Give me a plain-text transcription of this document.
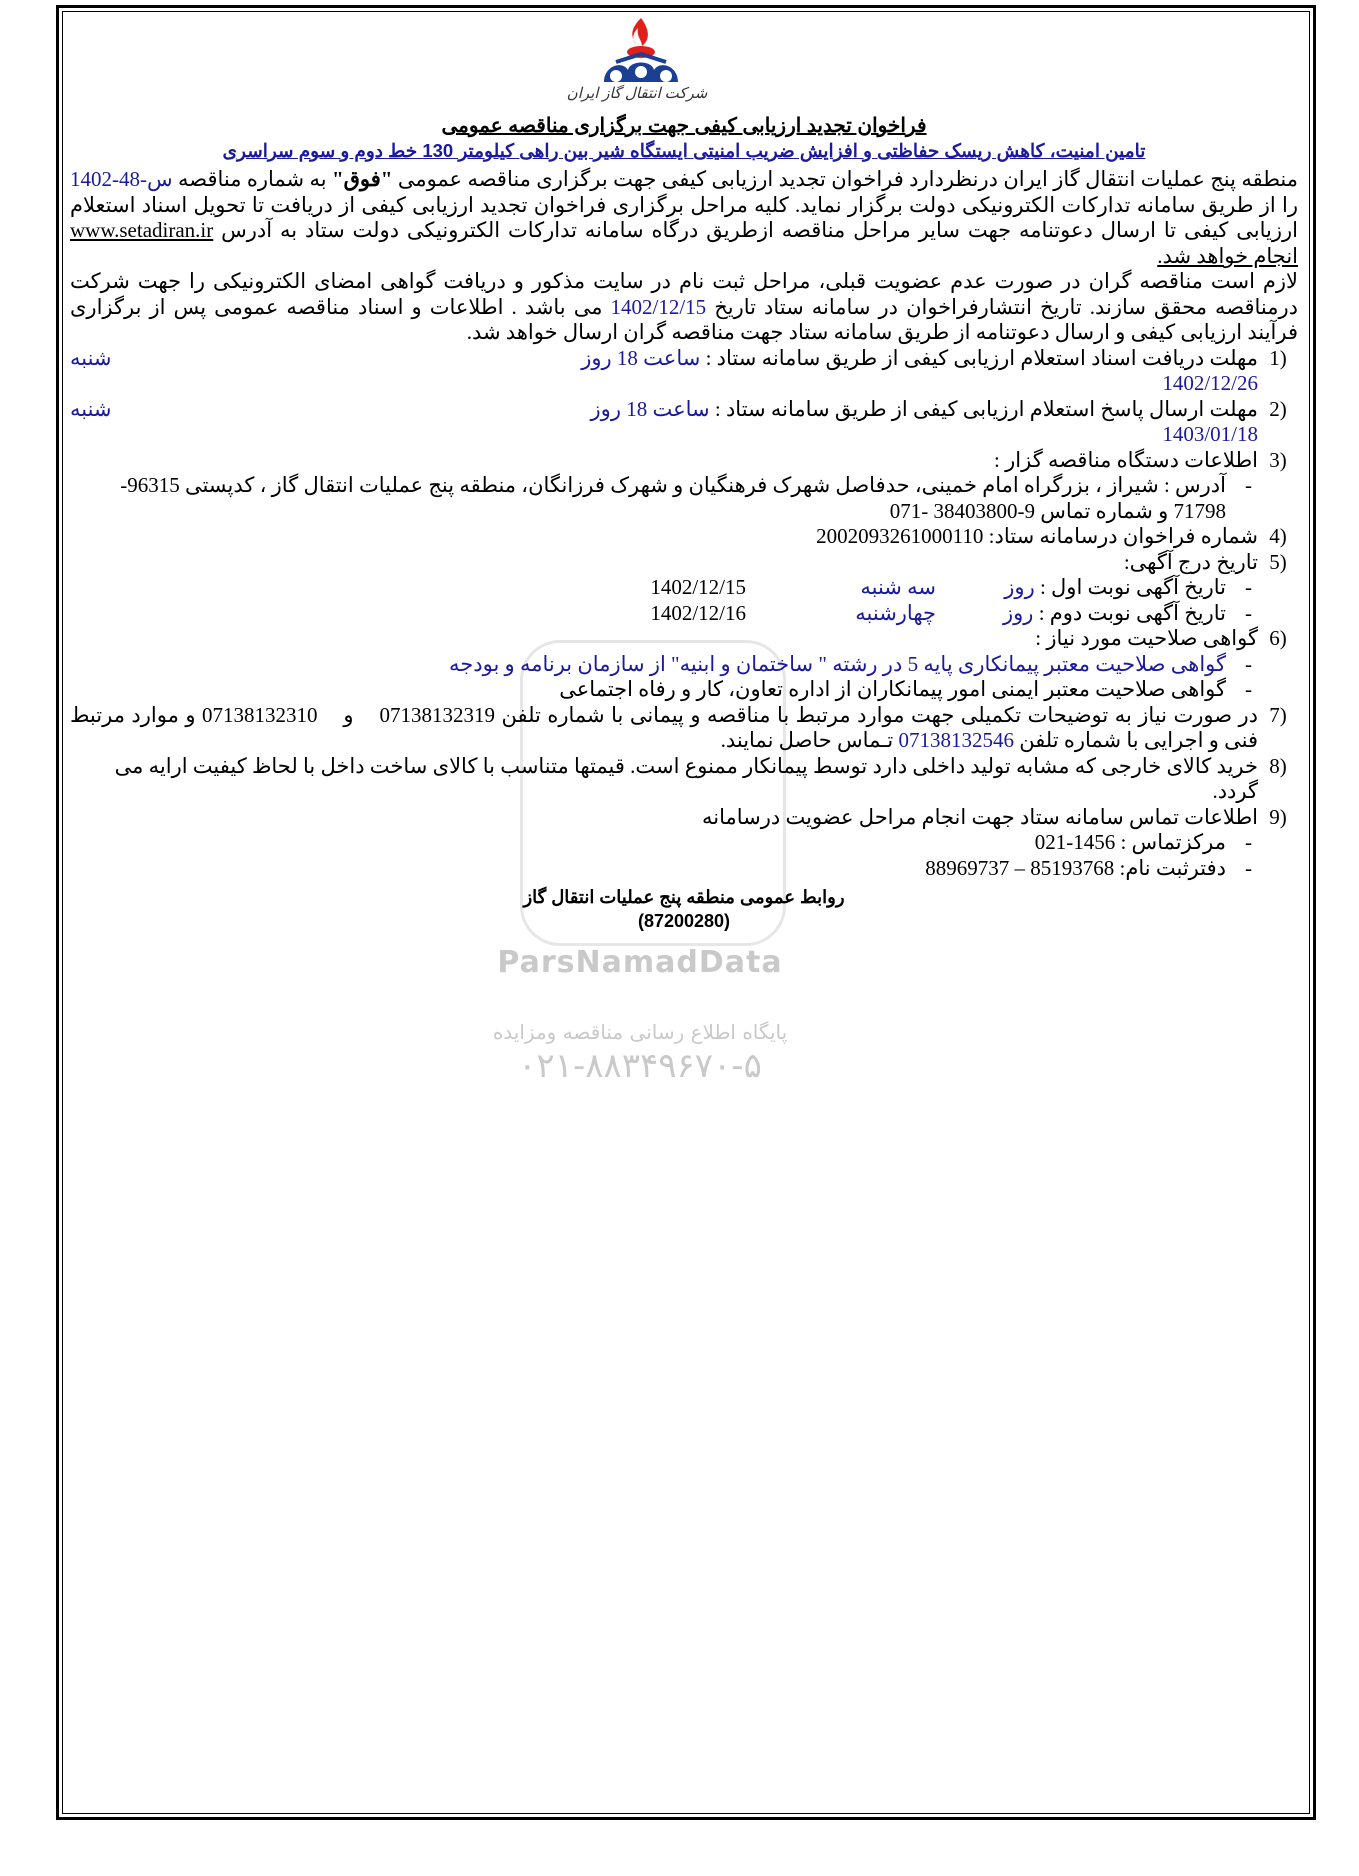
شرکت انتقال گاز ایران
ParsNamadData
پایگاه اطلاع رسانی مناقصه ومزایده
۰۲۱-۸۸۳۴۹۶۷۰-۵
فراخوان تجدید ارزیابی کیفی جهت برگزاری مناقصه عمومی
تامین امنیت، کاهش ریسک حفاظتی و افزایش ضریب امنیتی ایستگاه شیر بین راهی کیلومتر 130 خط دوم و سوم سراسری

منطقه پنج عملیات انتقال گاز ایران درنظردارد فراخوان تجدید ارزیابی کیفی جهت برگزاری مناقصه عمومی "فوق" به شماره مناقصه س-48-1402 را از طریق سامانه تدارکات الکترونیکی دولت برگزار نماید. کلیه مراحل برگزاری فراخوان تجدید ارزیابی کیفی از دریافت تا تحویل اسناد استعلام ارزیابی کیفی تا ارسال دعوتنامه جهت سایر مراحل مناقصه ازطریق درگاه سامانه تدارکات الکترونیکی دولت ستاد به آدرس www.setadiran.ir انجام خواهد شد.

لازم است مناقصه گران در صورت عدم عضویت قبلی، مراحل ثبت نام در سایت مذکور و دریافت گواهی امضای الکترونیکی را جهت شرکت درمناقصه محقق سازند. تاریخ انتشارفراخوان در سامانه ستاد تاریخ 1402/12/15 می باشد . اطلاعات و اسناد مناقصه عمومی پس از برگزاری فرآیند ارزیابی کیفی و ارسال دعوتنامه از طریق سامانه ستاد جهت مناقصه گران ارسال خواهد شد.

1)
مهلت دریافت اسناد استعلام ارزیابی کیفی از طریق سامانه ستاد : ساعت 18 روز
شنبه
1402/12/26
2)
مهلت ارسال پاسخ استعلام ارزیابی کیفی از طریق سامانه ستاد : ساعت 18 روز
شنبه
1403/01/18
3)
اطلاعات دستگاه مناقصه گزار :
-
آدرس : شیراز ، بزرگراه امام خمینی، حدفاصل شهرک فرهنگیان و شهرک فرزانگان، منطقه پنج عملیات انتقال گاز ، کدپستی 96315-71798 و شماره تماس 9-38403800 -071
4)
شماره فراخوان درسامانه ستاد: 2002093261000110
5)
تاریخ درج آگهی:
-
تاریخ آگهی نوبت اول : روز
سه شنبه
1402/12/15
-
تاریخ آگهی نوبت دوم : روز
چهارشنبه
1402/12/16
6)
گواهی صلاحیت مورد نیاز :
-
گواهی صلاحیت معتبر پیمانکاری پایه 5 در رشته " ساختمان و ابنیه" از سازمان برنامه و بودجه
-
گواهی صلاحیت معتبر ایمنی امور پیمانکاران از اداره تعاون، کار و رفاه اجتماعی
7)
در صورت نیاز به توضیحات تکمیلی جهت موارد مرتبط با مناقصه و پیمانی با شماره تلفن 07138132319    و    07138132310 و موارد مرتبط فنی و اجرایی با شماره تلفن 07138132546 تـماس حاصل نمایند.
8)
خرید کالای خارجی که مشابه تولید داخلی دارد توسط پیمانکار ممنوع است. قیمتها متناسب با کالای ساخت داخل با لحاظ کیفیت ارایه می گردد.
9)
اطلاعات تماس سامانه ستاد جهت انجام مراحل عضویت درسامانه
-
مرکزتماس : 021-1456
-
دفترثبت نام: 88969737 – 85193768
روابط عمومی منطقه پنج عملیات انتقال گاز
(87200280)
